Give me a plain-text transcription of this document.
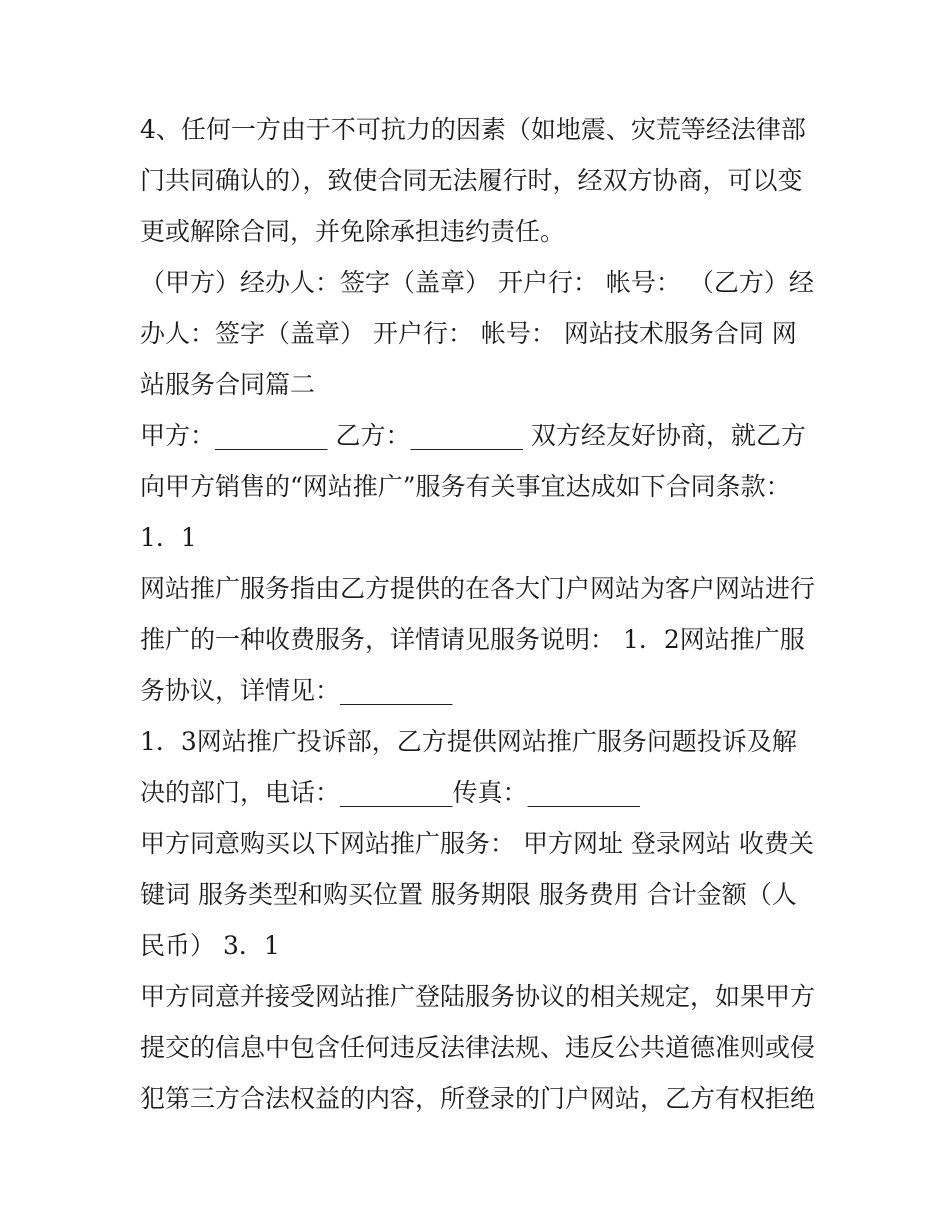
4、任何一方由于不可抗力的因素（如地震、灾荒等经法律部
门共同确认的），致使合同无法履行时，经双方协商，可以变
更或解除合同，并免除承担违约责任。
（甲方）经办人：签字（盖章） 开户行： 帐号： （乙方）经
办人：签字（盖章） 开户行： 帐号： 网站技术服务合同 网
站服务合同篇二
甲方：_________ 乙方：_________ 双方经友好协商，就乙方
向甲方销售的“网站推广”服务有关事宜达成如下合同条款：
1．1
网站推广服务指由乙方提供的在各大门户网站为客户网站进行
推广的一种收费服务，详情请见服务说明： 1．2网站推广服
务协议，详情见：_________
1．3网站推广投诉部，乙方提供网站推广服务问题投诉及解
决的部门，电话：_________传真：_________
甲方同意购买以下网站推广服务： 甲方网址 登录网站 收费关
键词 服务类型和购买位置 服务期限 服务费用 合计金额（人
民币） 3．1
甲方同意并接受网站推广登陆服务协议的相关规定，如果甲方
提交的信息中包含任何违反法律法规、违反公共道德准则或侵
犯第三方合法权益的内容，所登录的门户网站，乙方有权拒绝
